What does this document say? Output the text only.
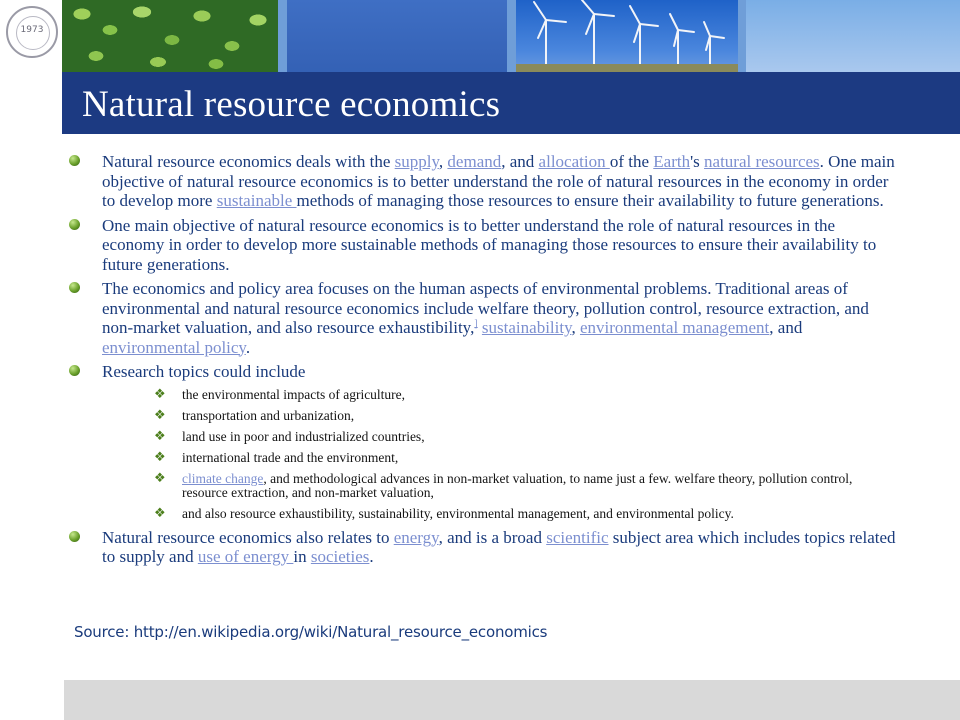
1973
Natural resource economics
Natural resource economics deals with the supply, demand, and allocation of the Earth's natural resources. One main objective of natural resource economics is to better understand the role of natural resources in the economy in order to develop more sustainable methods of managing those resources to ensure their availability to future generations.
One main objective of natural resource economics is to better understand the role of natural resources in the economy in order to develop more sustainable methods of managing those resources to ensure their availability to future generations.
The economics and policy area focuses on the human aspects of environmental problems. Traditional areas of environmental and natural resource economics include welfare theory, pollution control, resource extraction, and non-market valuation, and also resource exhaustibility,] sustainability, environmental management, and environmental policy.
Research topics could include
❖ the environmental impacts of agriculture,
❖ transportation and urbanization,
❖ land use in poor and industrialized countries,
❖ international trade and the environment,
❖ climate change, and methodological advances in non-market valuation, to name just a few. welfare theory, pollution control, resource extraction, and non-market valuation,
❖ and also resource exhaustibility, sustainability, environmental management, and environmental policy.
Natural resource economics also relates to energy, and is a broad scientific subject area which includes topics related to supply and use of energy in societies.
Source: http://en.wikipedia.org/wiki/Natural_resource_economics
